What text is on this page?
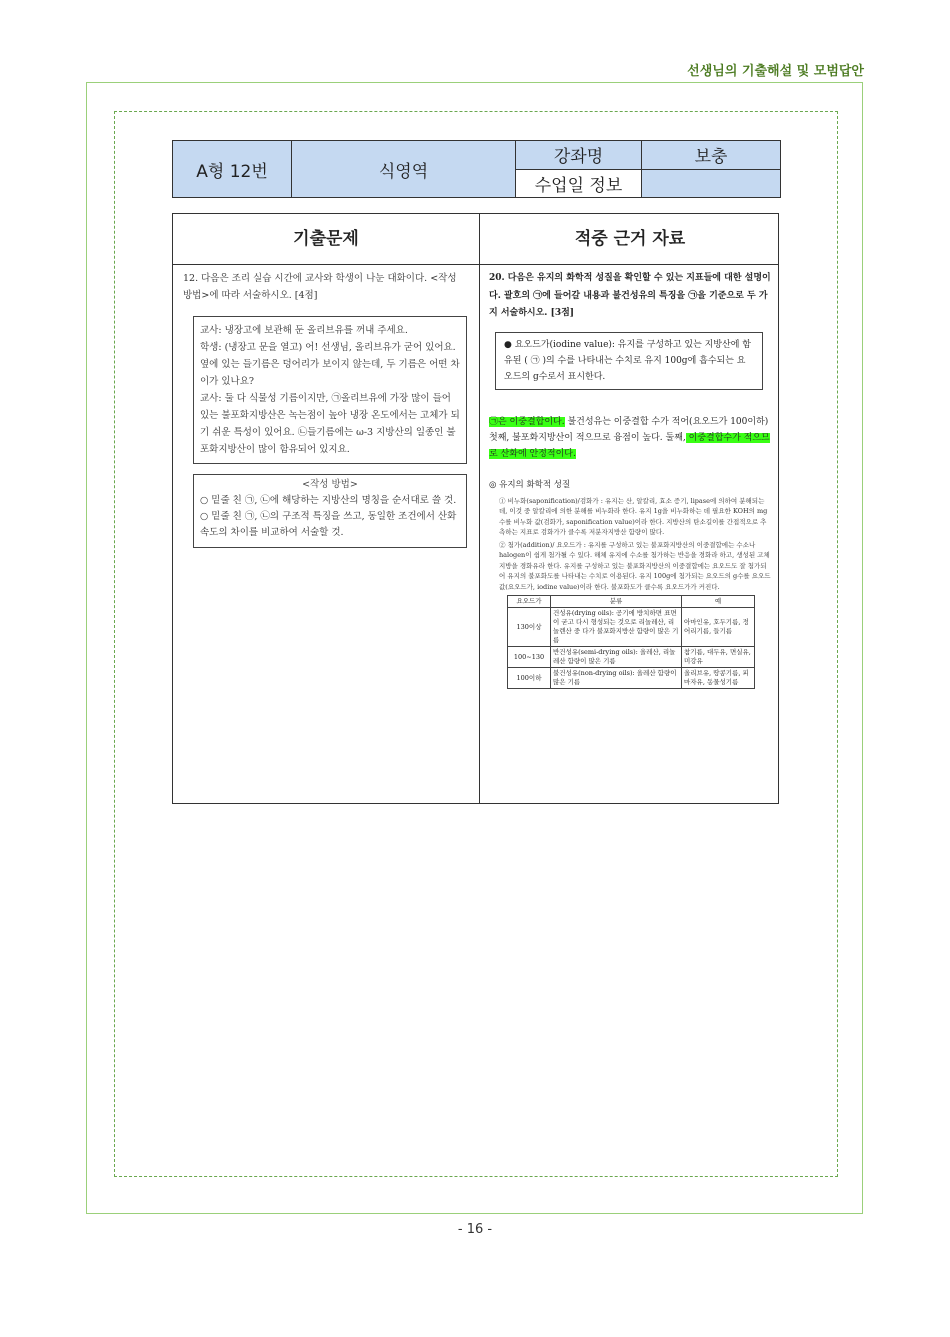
선생님의 기출해설 및 모범답안
A형 12번	식영역	강좌명	보충
		수업일 정보	
기출문제	적중 근거 자료
12. 다음은 조리 실습 시간에 교사와 학생이 나눈 대화이다. <작성 방법>에 따라 서술하시오. [4점]
교사: 냉장고에 보관해 둔 올리브유를 꺼내 주세요.
학생: (냉장고 문을 열고) 어! 선생님, 올리브유가 굳어 있어요. 옆에 있는 들기름은 덩어리가 보이지 않는데, 두 기름은 어떤 차이가 있나요?
교사: 둘 다 식물성 기름이지만, ㉠올리브유에 가장 많이 들어 있는 불포화지방산은 녹는점이 높아 냉장 온도에서는 고체가 되기 쉬운 특성이 있어요. ㉡들기름에는 ω-3 지방산의 일종인 불포화지방산이 많이 함유되어 있지요.
<작성 방법>
○ 밑줄 친 ㉠, ㉡에 해당하는 지방산의 명칭을 순서대로 쓸 것.
○ 밑줄 친 ㉠, ㉡의 구조적 특징을 쓰고, 동일한 조건에서 산화 속도의 차이를 비교하여 서술할 것.
20. 다음은 유지의 화학적 성질을 확인할 수 있는 지표들에 대한 설명이다. 괄호의 ㉠에 들어갈 내용과 불건성유의 특징을 ㉠을 기준으로 두 가지 서술하시오. [3점]
● 요오드가(iodine value): 유지를 구성하고 있는 지방산에 함유된 ( ㉠ )의 수를 나타내는 수치로 유지 100g에 흡수되는 요오드의 g수로서 표시한다.
㉠은 이중결합이다. 불건성유는 이중결합 수가 적어(요오드가 100이하) 첫째, 불포화지방산이 적으므로 융점이 높다. 둘째, 이중결합수가 적으므로 산화에 안정적이다.
◎ 유지의 화학적 성질
① 비누화(saponification)/검화가 : 유지는 산, 알칼리, 효소 증기, lipase에 의하여 분해되는데, 이것 중 알칼리에 의한 분해를 비누화라 한다. 유지 1g을 비누화하는 데 필요한 KOH의 mg수를 비누화 값(검화가, saponification value)이라 한다. 지방산의 탄소길이를 간접적으로 추측하는 지표로 검화가가 클수록 저분자지방산 함량이 많다.
② 첨가(addition)/ 요오드가 : 유지를 구성하고 있는 불포화지방산의 이중결합에는 수소나 halogen이 쉽게 첨가될 수 있다. 해체 유지에 수소를 첨가하는 반응을 경화라 하고, 생성된 고체 지방을 경화유라 한다. 유지를 구성하고 있는 불포화지방산의 이중결합에는 요오드도 잘 첨가되어 유지의 불포화도를 나타내는 수치로 이용된다. 유지 100g에 첨가되는 요오드의 g수를 요오드 값(요오드가, iodine value)이라 한다. 불포화도가 클수록 요오드가가 커진다.
요오드가	분류	예
130이상	건성유(drying oils): 공기에 방치하면 표면이 굳고 다시 형성되는 것으로 리놀레산, 리놀렌산 중 다가 불포화지방산 함량이 많은 기름	아마인유, 호두기름, 정어리기름, 들기름
100~130	반건성유(semi-drying oils): 올레산, 리놀레산 함량이 많은 기름	참기름, 대두유, 면실유, 미강유
100이하	불건성유(non-drying oils): 올레산 함량이 많은 기름	올리브유, 땅콩기름, 피마자유, 동물성기름
- 16 -
